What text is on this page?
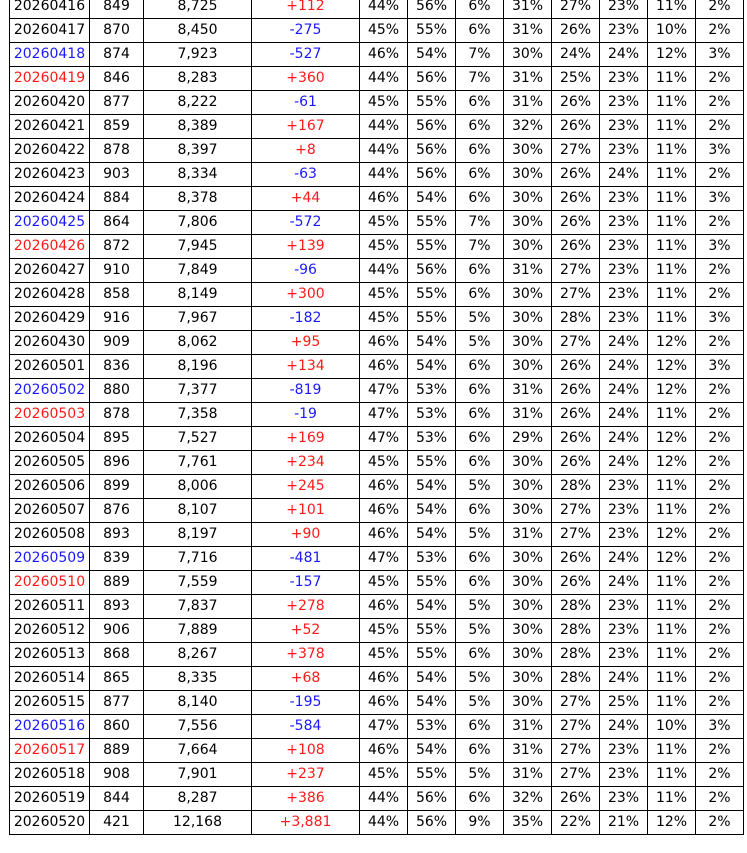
20260416	849	8,725	+112	44%	56%	6%	31%	27%	23%	11%	2%
20260417	870	8,450	-275	45%	55%	6%	31%	26%	23%	10%	2%
20260418	874	7,923	-527	46%	54%	7%	30%	24%	24%	12%	3%
20260419	846	8,283	+360	44%	56%	7%	31%	25%	23%	11%	2%
20260420	877	8,222	-61	45%	55%	6%	31%	26%	23%	11%	2%
20260421	859	8,389	+167	44%	56%	6%	32%	26%	23%	11%	2%
20260422	878	8,397	+8	44%	56%	6%	30%	27%	23%	11%	3%
20260423	903	8,334	-63	44%	56%	6%	30%	26%	24%	11%	2%
20260424	884	8,378	+44	46%	54%	6%	30%	26%	23%	11%	3%
20260425	864	7,806	-572	45%	55%	7%	30%	26%	23%	11%	2%
20260426	872	7,945	+139	45%	55%	7%	30%	26%	23%	11%	3%
20260427	910	7,849	-96	44%	56%	6%	31%	27%	23%	11%	2%
20260428	858	8,149	+300	45%	55%	6%	30%	27%	23%	11%	2%
20260429	916	7,967	-182	45%	55%	5%	30%	28%	23%	11%	3%
20260430	909	8,062	+95	46%	54%	5%	30%	27%	24%	12%	2%
20260501	836	8,196	+134	46%	54%	6%	30%	26%	24%	12%	3%
20260502	880	7,377	-819	47%	53%	6%	31%	26%	24%	12%	2%
20260503	878	7,358	-19	47%	53%	6%	31%	26%	24%	11%	2%
20260504	895	7,527	+169	47%	53%	6%	29%	26%	24%	12%	2%
20260505	896	7,761	+234	45%	55%	6%	30%	26%	24%	12%	2%
20260506	899	8,006	+245	46%	54%	5%	30%	28%	23%	11%	2%
20260507	876	8,107	+101	46%	54%	6%	30%	27%	23%	11%	2%
20260508	893	8,197	+90	46%	54%	5%	31%	27%	23%	12%	2%
20260509	839	7,716	-481	47%	53%	6%	30%	26%	24%	12%	2%
20260510	889	7,559	-157	45%	55%	6%	30%	26%	24%	11%	2%
20260511	893	7,837	+278	46%	54%	5%	30%	28%	23%	11%	2%
20260512	906	7,889	+52	45%	55%	5%	30%	28%	23%	11%	2%
20260513	868	8,267	+378	45%	55%	6%	30%	28%	23%	11%	2%
20260514	865	8,335	+68	46%	54%	5%	30%	28%	24%	11%	2%
20260515	877	8,140	-195	46%	54%	5%	30%	27%	25%	11%	2%
20260516	860	7,556	-584	47%	53%	6%	31%	27%	24%	10%	3%
20260517	889	7,664	+108	46%	54%	6%	31%	27%	23%	11%	2%
20260518	908	7,901	+237	45%	55%	5%	31%	27%	23%	11%	2%
20260519	844	8,287	+386	44%	56%	6%	32%	26%	23%	11%	2%
20260520	421	12,168	+3,881	44%	56%	9%	35%	22%	21%	12%	2%
